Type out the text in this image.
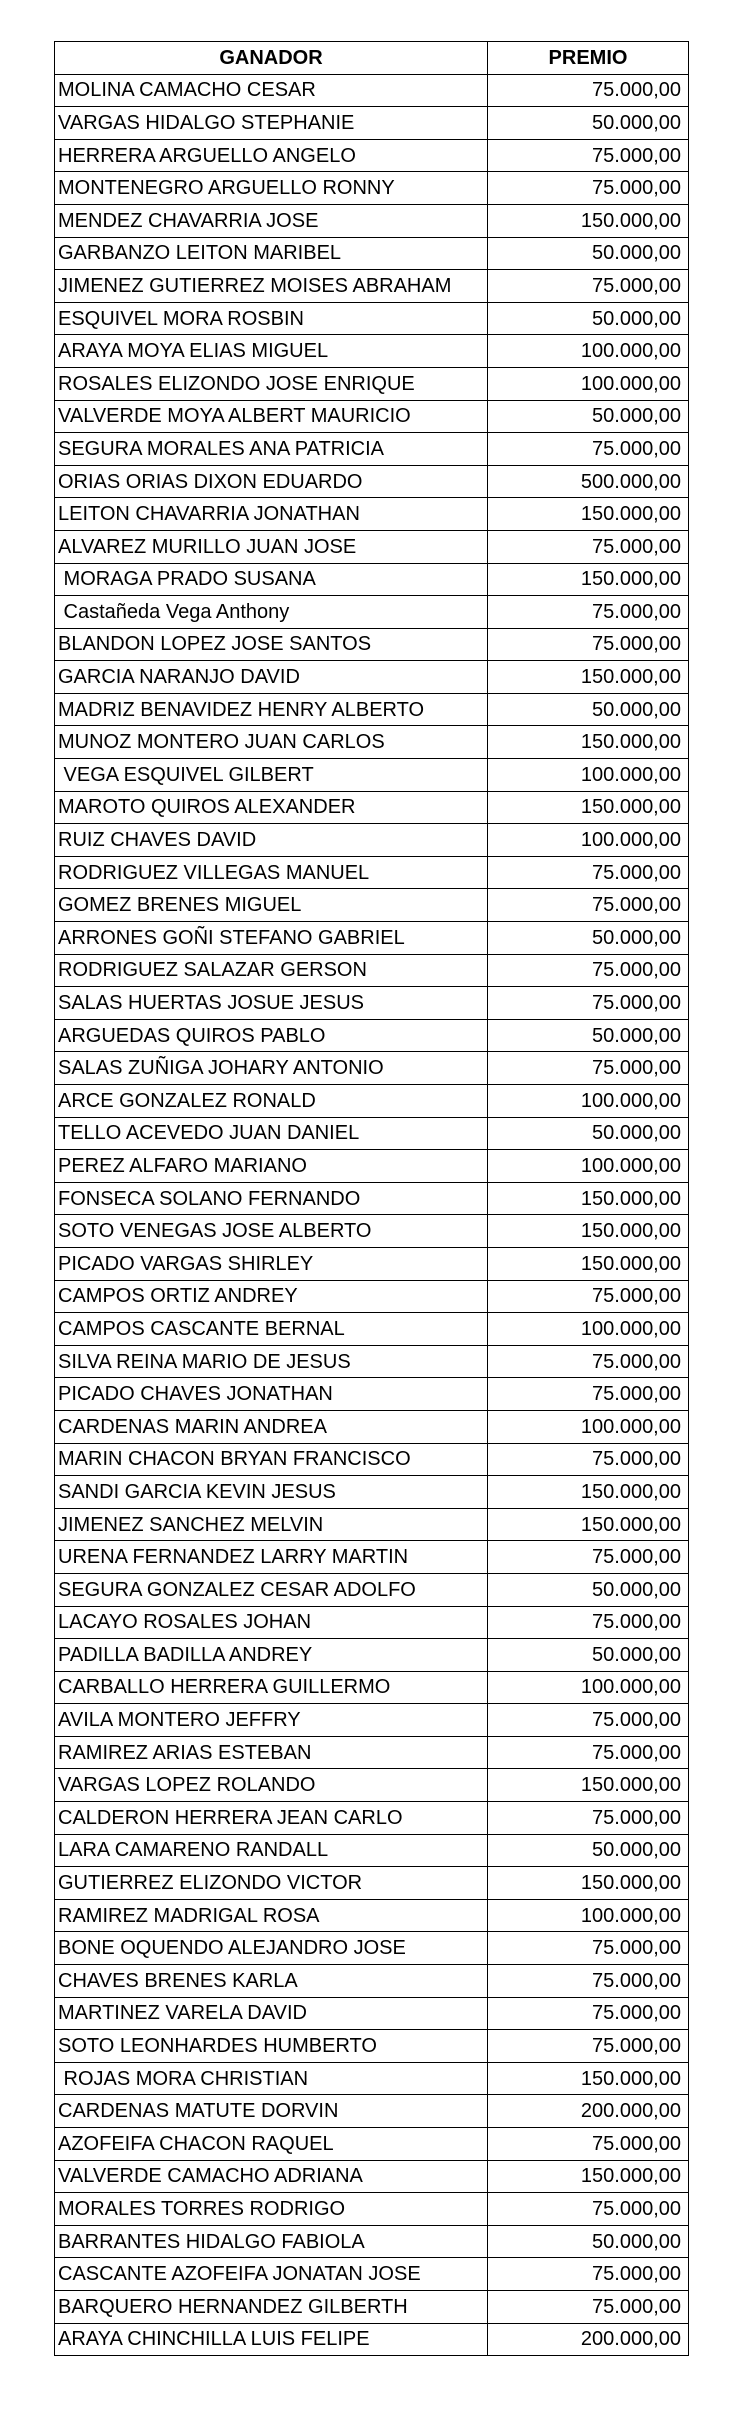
GANADOR	PREMIO
MOLINA CAMACHO CESAR	75.000,00
VARGAS HIDALGO STEPHANIE	50.000,00
HERRERA ARGUELLO ANGELO	75.000,00
MONTENEGRO ARGUELLO RONNY	75.000,00
MENDEZ CHAVARRIA JOSE	150.000,00
GARBANZO LEITON MARIBEL	50.000,00
JIMENEZ GUTIERREZ MOISES ABRAHAM	75.000,00
ESQUIVEL MORA ROSBIN	50.000,00
ARAYA MOYA ELIAS MIGUEL	100.000,00
ROSALES ELIZONDO JOSE ENRIQUE	100.000,00
VALVERDE MOYA ALBERT MAURICIO	50.000,00
SEGURA MORALES ANA PATRICIA	75.000,00
ORIAS ORIAS DIXON EDUARDO	500.000,00
LEITON CHAVARRIA JONATHAN	150.000,00
ALVAREZ MURILLO JUAN JOSE	75.000,00
MORAGA PRADO SUSANA	150.000,00
Castañeda Vega Anthony	75.000,00
BLANDON LOPEZ JOSE SANTOS	75.000,00
GARCIA NARANJO DAVID	150.000,00
MADRIZ BENAVIDEZ HENRY ALBERTO	50.000,00
MUNOZ MONTERO JUAN CARLOS	150.000,00
VEGA ESQUIVEL GILBERT	100.000,00
MAROTO QUIROS ALEXANDER	150.000,00
RUIZ CHAVES DAVID	100.000,00
RODRIGUEZ VILLEGAS MANUEL	75.000,00
GOMEZ BRENES MIGUEL	75.000,00
ARRONES GOÑI STEFANO GABRIEL	50.000,00
RODRIGUEZ SALAZAR GERSON	75.000,00
SALAS HUERTAS JOSUE JESUS	75.000,00
ARGUEDAS QUIROS PABLO	50.000,00
SALAS ZUÑIGA JOHARY ANTONIO	75.000,00
ARCE GONZALEZ RONALD	100.000,00
TELLO ACEVEDO JUAN DANIEL	50.000,00
PEREZ ALFARO MARIANO	100.000,00
FONSECA SOLANO FERNANDO	150.000,00
SOTO VENEGAS JOSE ALBERTO	150.000,00
PICADO VARGAS SHIRLEY	150.000,00
CAMPOS ORTIZ ANDREY	75.000,00
CAMPOS CASCANTE BERNAL	100.000,00
SILVA REINA MARIO DE JESUS	75.000,00
PICADO CHAVES JONATHAN	75.000,00
CARDENAS MARIN ANDREA	100.000,00
MARIN CHACON BRYAN FRANCISCO	75.000,00
SANDI GARCIA KEVIN JESUS	150.000,00
JIMENEZ SANCHEZ MELVIN	150.000,00
URENA FERNANDEZ LARRY MARTIN	75.000,00
SEGURA GONZALEZ CESAR ADOLFO	50.000,00
LACAYO ROSALES JOHAN	75.000,00
PADILLA BADILLA ANDREY	50.000,00
CARBALLO HERRERA GUILLERMO	100.000,00
AVILA MONTERO JEFFRY	75.000,00
RAMIREZ ARIAS ESTEBAN	75.000,00
VARGAS LOPEZ ROLANDO	150.000,00
CALDERON HERRERA JEAN CARLO	75.000,00
LARA CAMARENO RANDALL	50.000,00
GUTIERREZ ELIZONDO VICTOR	150.000,00
RAMIREZ MADRIGAL ROSA	100.000,00
BONE OQUENDO ALEJANDRO JOSE	75.000,00
CHAVES BRENES KARLA	75.000,00
MARTINEZ VARELA DAVID	75.000,00
SOTO LEONHARDES HUMBERTO	75.000,00
ROJAS MORA CHRISTIAN	150.000,00
CARDENAS MATUTE DORVIN	200.000,00
AZOFEIFA CHACON RAQUEL	75.000,00
VALVERDE CAMACHO ADRIANA	150.000,00
MORALES TORRES RODRIGO	75.000,00
BARRANTES HIDALGO FABIOLA	50.000,00
CASCANTE AZOFEIFA JONATAN JOSE	75.000,00
BARQUERO HERNANDEZ GILBERTH	75.000,00
ARAYA CHINCHILLA LUIS FELIPE	200.000,00
